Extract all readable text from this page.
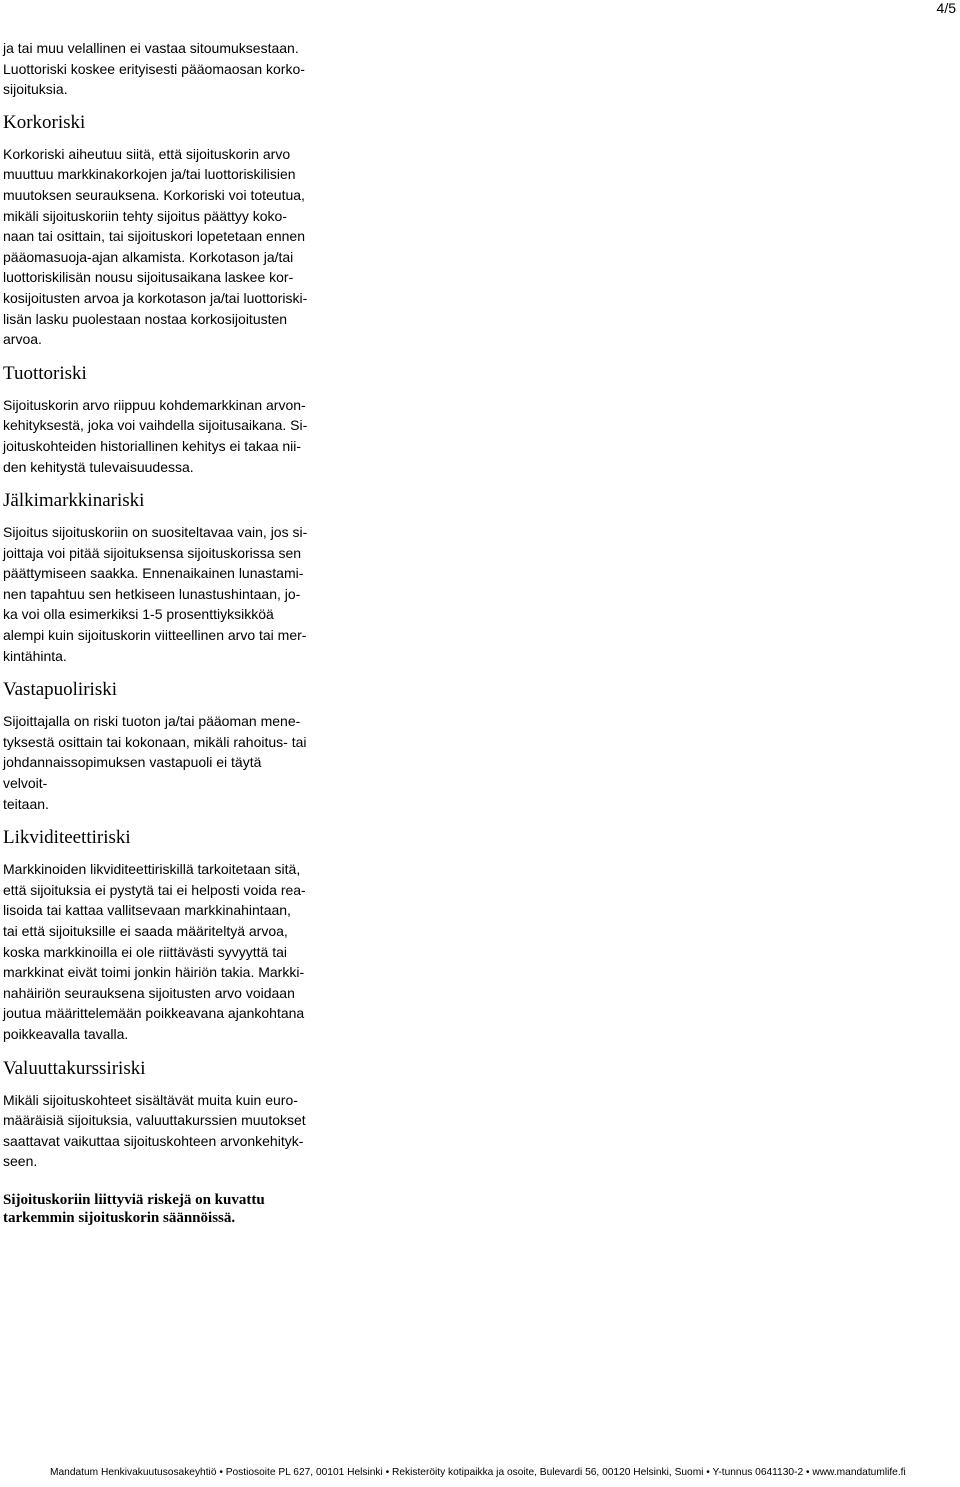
4/5

ja tai muu velallinen ei vastaa sitoumuksestaan.
Luottoriski koskee erityisesti pääomaosan korko-
sijoituksia.

Korkoriski

Korkoriski aiheutuu siitä, että sijoituskorin arvo
muuttuu markkinakorkojen ja/tai luottoriskilisien
muutoksen seurauksena. Korkoriski voi toteutua,
mikäli sijoituskoriin tehty sijoitus päättyy koko-
naan tai osittain, tai sijoituskori lopetetaan ennen
pääomasuoja-ajan alkamista. Korkotason ja/tai
luottoriskilisän nousu sijoitusaikana laskee kor-
kosijoitusten arvoa ja korkotason ja/tai luottoriski-
lisän lasku puolestaan nostaa korkosijoitusten
arvoa.

Tuottoriski

Sijoituskorin arvo riippuu kohdemarkkinan arvon-
kehityksestä, joka voi vaihdella sijoitusaikana. Si-
joituskohteiden historiallinen kehitys ei takaa nii-
den kehitystä tulevaisuudessa.

Jälkimarkkinariski

Sijoitus sijoituskoriin on suositeltavaa vain, jos si-
joittaja voi pitää sijoituksensa sijoituskorissa sen
päättymiseen saakka. Ennenaikainen lunastami-
nen tapahtuu sen hetkiseen lunastushintaan, jo-
ka voi olla esimerkiksi 1-5 prosenttiyksikköä
alempi kuin sijoituskorin viitteellinen arvo tai mer-
kintähinta.

Vastapuoliriski

Sijoittajalla on riski tuoton ja/tai pääoman mene-
tyksestä osittain tai kokonaan, mikäli rahoitus- tai
johdannaissopimuksen vastapuoli ei täytä velvoit-
teitaan.

Likviditeettiriski

Markkinoiden likviditeettiriskillä tarkoitetaan sitä,
että sijoituksia ei pystytä tai ei helposti voida rea-
lisoida tai kattaa vallitsevaan markkinahintaan,
tai että sijoituksille ei saada määriteltyä arvoa,
koska markkinoilla ei ole riittävästi syvyyttä tai
markkinat eivät toimi jonkin häiriön takia. Markki-
nahäiriön seurauksena sijoitusten arvo voidaan
joutua määrittelemään poikkeavana ajankohtana
poikkeavalla tavalla.

Valuuttakurssiriski

Mikäli sijoituskohteet sisältävät muita kuin euro-
määräisiä sijoituksia, valuuttakurssien muutokset
saattavat vaikuttaa sijoituskohteen arvonkehityk-
seen.

Sijoituskoriin liittyviä riskejä on kuvattu
tarkemmin sijoituskorin säännöissä.

Mandatum Henkivakuutusosakeyhtiö • Postiosoite PL 627, 00101 Helsinki • Rekisteröity kotipaikka ja osoite, Bulevardi 56, 00120 Helsinki, Suomi • Y-tunnus 0641130-2 • www.mandatumlife.fi
